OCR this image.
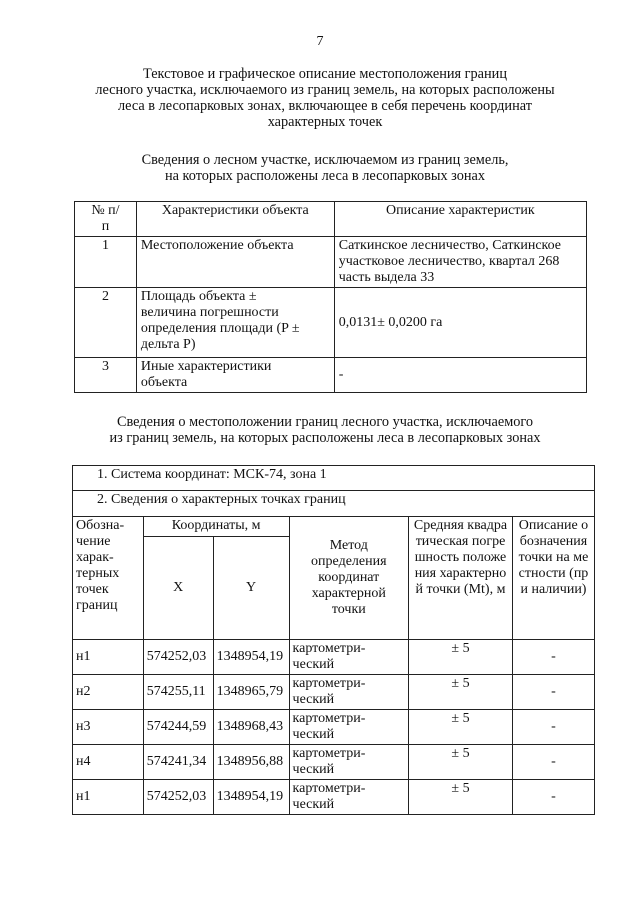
7
Текстовое и графическое описание местоположения границ
лесного участка, исключаемого из границ земель, на которых расположены
леса в лесопарковых зонах, включающее в себя перечень координат
характерных точек
Сведения о лесном участке, исключаемом из границ земель,
на которых расположены леса в лесопарковых зонах
№ п/п	Характеристики объекта	Описание характеристик
1	Местоположение объекта	Саткинское лесничество, Саткинское участковое лесничество, квартал 268 часть выдела 33
2	Площадь объекта ± величина погрешности определения площади (P ± дельта P)	0,0131± 0,0200 га
3	Иные характеристики объекта	-
Сведения о местоположении границ лесного участка, исключаемого
из границ земель, на которых расположены леса в лесопарковых зонах
1. Система координат: МСК-74, зона 1					
2. Сведения о характерных точках границ					

Обозна-чение харак-терных точек границ	Координаты, м		Метод определения координат характерной точки	Средняя квадратическая погрешность положения характерной точки (Mt), м	Описание обозначения точки на местности (при наличии)

	X	Y			
н1	574252,03	1348954,19	картометри-ческий	± 5	-
н2	574255,11	1348965,79	картометри-ческий	± 5	-
н3	574244,59	1348968,43	картометри-ческий	± 5	-
н4	574241,34	1348956,88	картометри-ческий	± 5	-
н1	574252,03	1348954,19	картометри-ческий	± 5	-
